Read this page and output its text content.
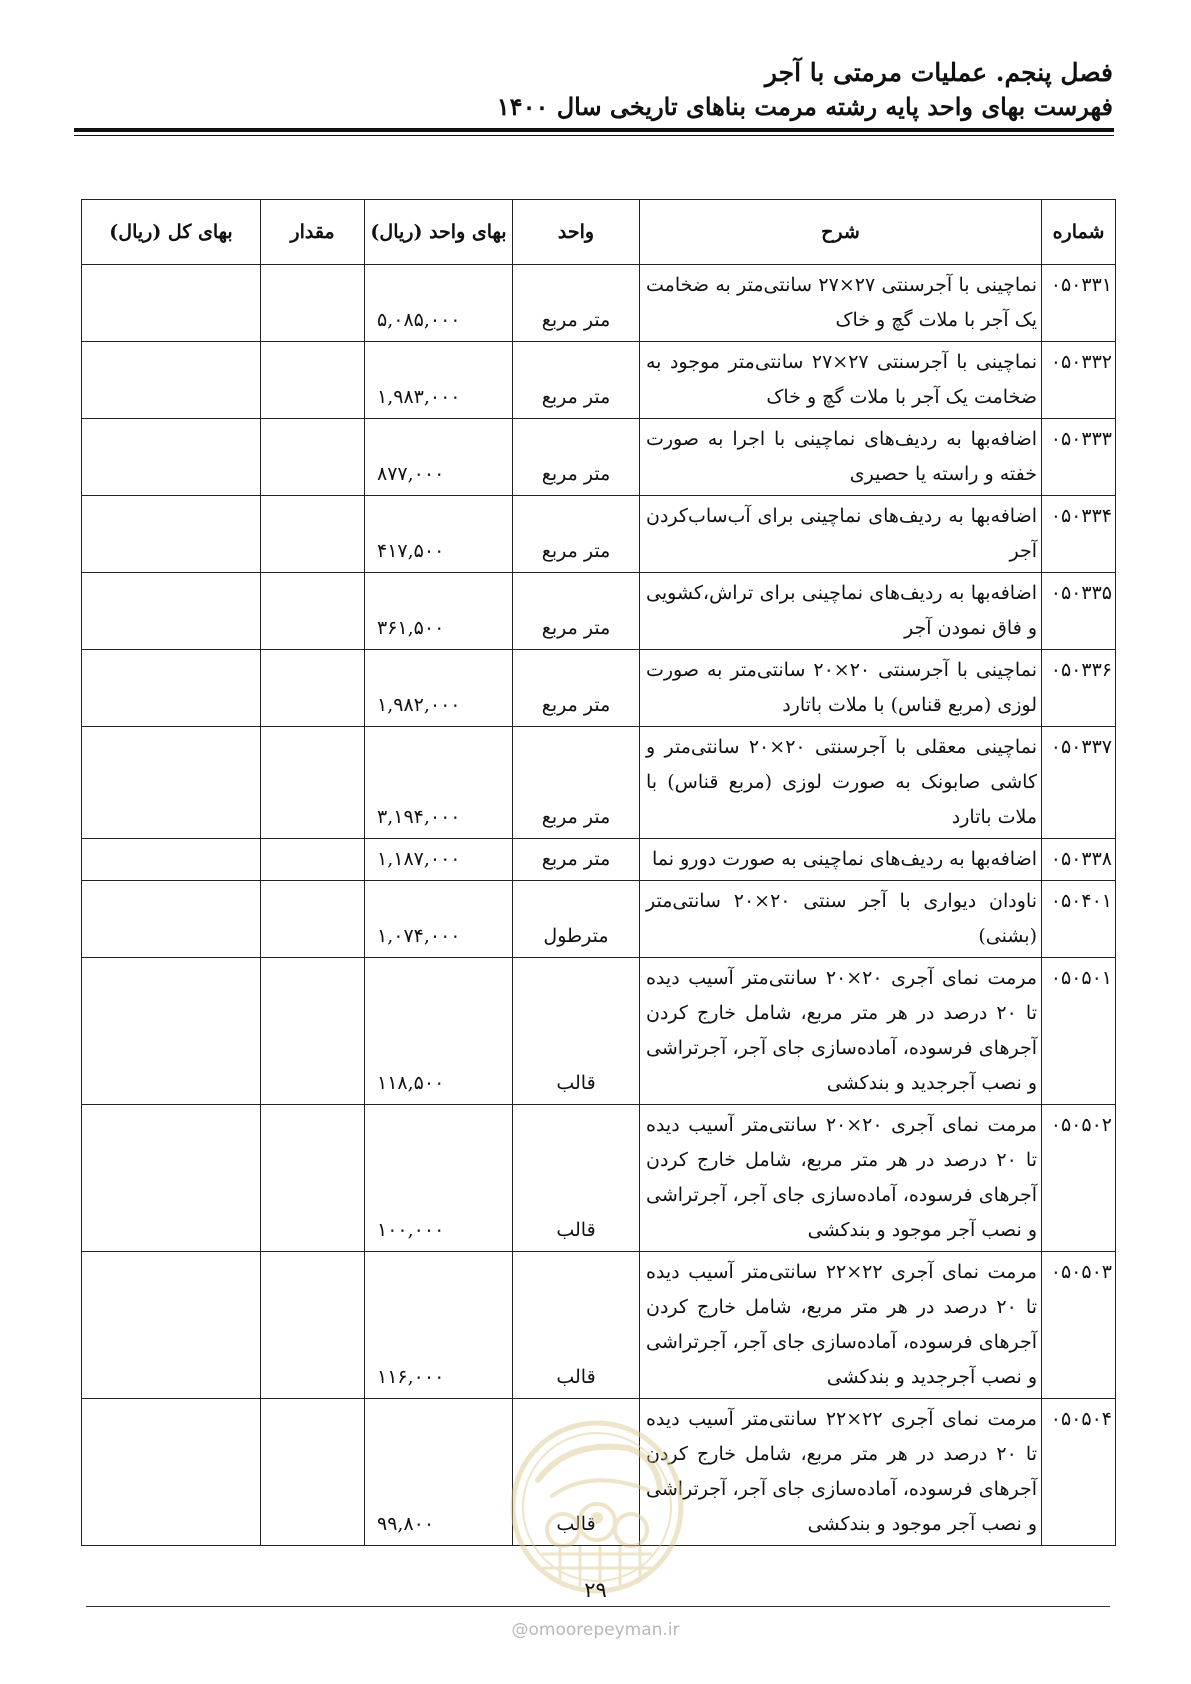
فصل پنجم. عملیات مرمتی با آجر
فهرست بهای واحد پایه رشته مرمت بناهای تاریخی سال ۱۴۰۰
شماره	شرح	واحد	بهای واحد (ریال)	مقدار	بهای کل (ریال)
۰۵۰۳۳۱	نماچینی با آجرسنتی ۲۷×۲۷ سانتی‌متر به ضخامت یک آجر با ملات گچ و خاک	متر مربع	۵,۰۸۵,۰۰۰		
۰۵۰۳۳۲	نماچینی با آجرسنتی ۲۷×۲۷ سانتی‌متر موجود به ضخامت یک آجر با ملات گچ و خاک	متر مربع	۱,۹۸۳,۰۰۰		
۰۵۰۳۳۳	اضافه‌بها به ردیف‌های نماچینی با اجرا به صورت خفته و راسته یا حصیری	متر مربع	۸۷۷,۰۰۰		
۰۵۰۳۳۴	اضافه‌بها به ردیف‌های نماچینی برای آب‌ساب‌کردن آجر	متر مربع	۴۱۷,۵۰۰		
۰۵۰۳۳۵	اضافه‌بها به ردیف‌های نماچینی برای تراش،کشویی و فاق نمودن آجر	متر مربع	۳۶۱,۵۰۰		
۰۵۰۳۳۶	نماچینی با آجرسنتی ۲۰×۲۰ سانتی‌متر به صورت لوزی (مربع قناس) با ملات باتارد	متر مربع	۱,۹۸۲,۰۰۰		
۰۵۰۳۳۷	نماچینی معقلی با آجرسنتی ۲۰×۲۰ سانتی‌متر و کاشی صابونک به صورت لوزی (مربع قناس) با ملات باتارد	متر مربع	۳,۱۹۴,۰۰۰		
۰۵۰۳۳۸	اضافه‌بها به ردیف‌های نماچینی به صورت دورو نما	متر مربع	۱,۱۸۷,۰۰۰		
۰۵۰۴۰۱	ناودان دیواری با آجر سنتی ۲۰×۲۰ سانتی‌متر (بشنی)	مترطول	۱,۰۷۴,۰۰۰		
۰۵۰۵۰۱	مرمت نمای آجری ۲۰×۲۰ سانتی‌متر آسیب دیده تا ۲۰ درصد در هر متر مربع، شامل خارج کردن آجرهای فرسوده، آماده‌سازی جای آجر، آجرتراشی و نصب آجرجدید و بندکشی	قالب	۱۱۸,۵۰۰		
۰۵۰۵۰۲	مرمت نمای آجری ۲۰×۲۰ سانتی‌متر آسیب دیده تا ۲۰ درصد در هر متر مربع، شامل خارج کردن آجرهای فرسوده، آماده‌سازی جای آجر، آجرتراشی و نصب آجر موجود و بندکشی	قالب	۱۰۰,۰۰۰		
۰۵۰۵۰۳	مرمت نمای آجری ۲۲×۲۲ سانتی‌متر آسیب دیده تا ۲۰ درصد در هر متر مربع، شامل خارج کردن آجرهای فرسوده، آماده‌سازی جای آجر، آجرتراشی و نصب آجرجدید و بندکشی	قالب	۱۱۶,۰۰۰		
۰۵۰۵۰۴	مرمت نمای آجری ۲۲×۲۲ سانتی‌متر آسیب دیده تا ۲۰ درصد در هر متر مربع، شامل خارج کردن آجرهای فرسوده، آماده‌سازی جای آجر، آجرتراشی و نصب آجر موجود و بندکشی	قالب	۹۹,۸۰۰		
۲۹
@omoorepeyman.ir
